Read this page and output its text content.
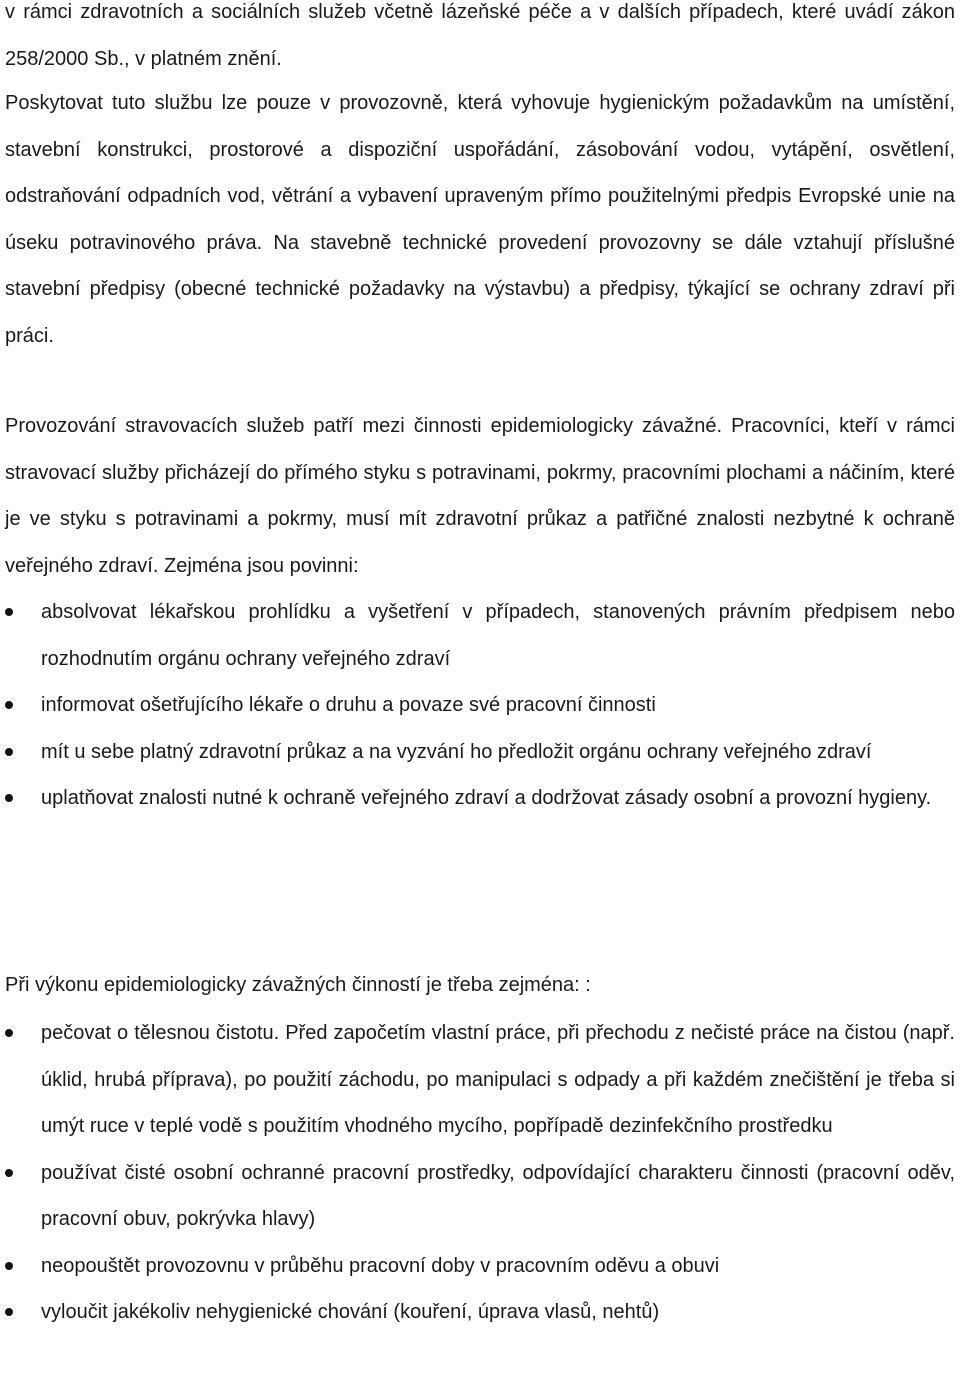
v rámci zdravotních a sociálních služeb včetně lázeňské péče a v dalších případech, které uvádí zákon 258/2000 Sb., v platném znění.

Poskytovat tuto službu lze pouze v provozovně, která vyhovuje hygienickým požadavkům na umístění, stavební konstrukci, prostorové a dispoziční uspořádání, zásobování vodou, vytápění, osvětlení, odstraňování odpadních vod, větrání a vybavení upraveným přímo použitelnými předpis Evropské unie na úseku potravinového práva. Na stavebně technické provedení provozovny se dále vztahují příslušné stavební předpisy (obecné technické požadavky na výstavbu) a předpisy, týkající se ochrany zdraví při práci.

Provozování stravovacích služeb patří mezi činnosti epidemiologicky závažné. Pracovníci, kteří v rámci stravovací služby přicházejí do přímého styku s potravinami, pokrmy, pracovními plochami a náčiním, které je ve styku s potravinami a pokrmy, musí mít zdravotní průkaz a patřičné znalosti nezbytné k ochraně veřejného zdraví. Zejména jsou povinni:

absolvovat lékařskou prohlídku a vyšetření v případech, stanovených právním předpisem nebo rozhodnutím orgánu ochrany veřejného zdraví
informovat ošetřujícího lékaře o druhu a povaze své pracovní činnosti
mít u sebe platný zdravotní průkaz a na vyzvání ho předložit orgánu ochrany veřejného zdraví
uplatňovat znalosti nutné k ochraně veřejného zdraví a dodržovat zásady osobní a provozní hygieny.

Při výkonu epidemiologicky závažných činností je třeba zejména: :

pečovat o tělesnou čistotu. Před započetím vlastní práce, při přechodu z nečisté práce na čistou (např. úklid, hrubá příprava), po použití záchodu, po manipulaci s odpady a při každém znečištění je třeba si umýt ruce v teplé vodě s použitím vhodného mycího, popřípadě dezinfekčního prostředku
používat čisté osobní ochranné pracovní prostředky, odpovídající charakteru činnosti (pracovní oděv, pracovní obuv, pokrývka hlavy)
neopouštět provozovnu v průběhu pracovní doby v pracovním oděvu a obuvi
vyloučit jakékoliv nehygienické chování (kouření, úprava vlasů, nehtů)
